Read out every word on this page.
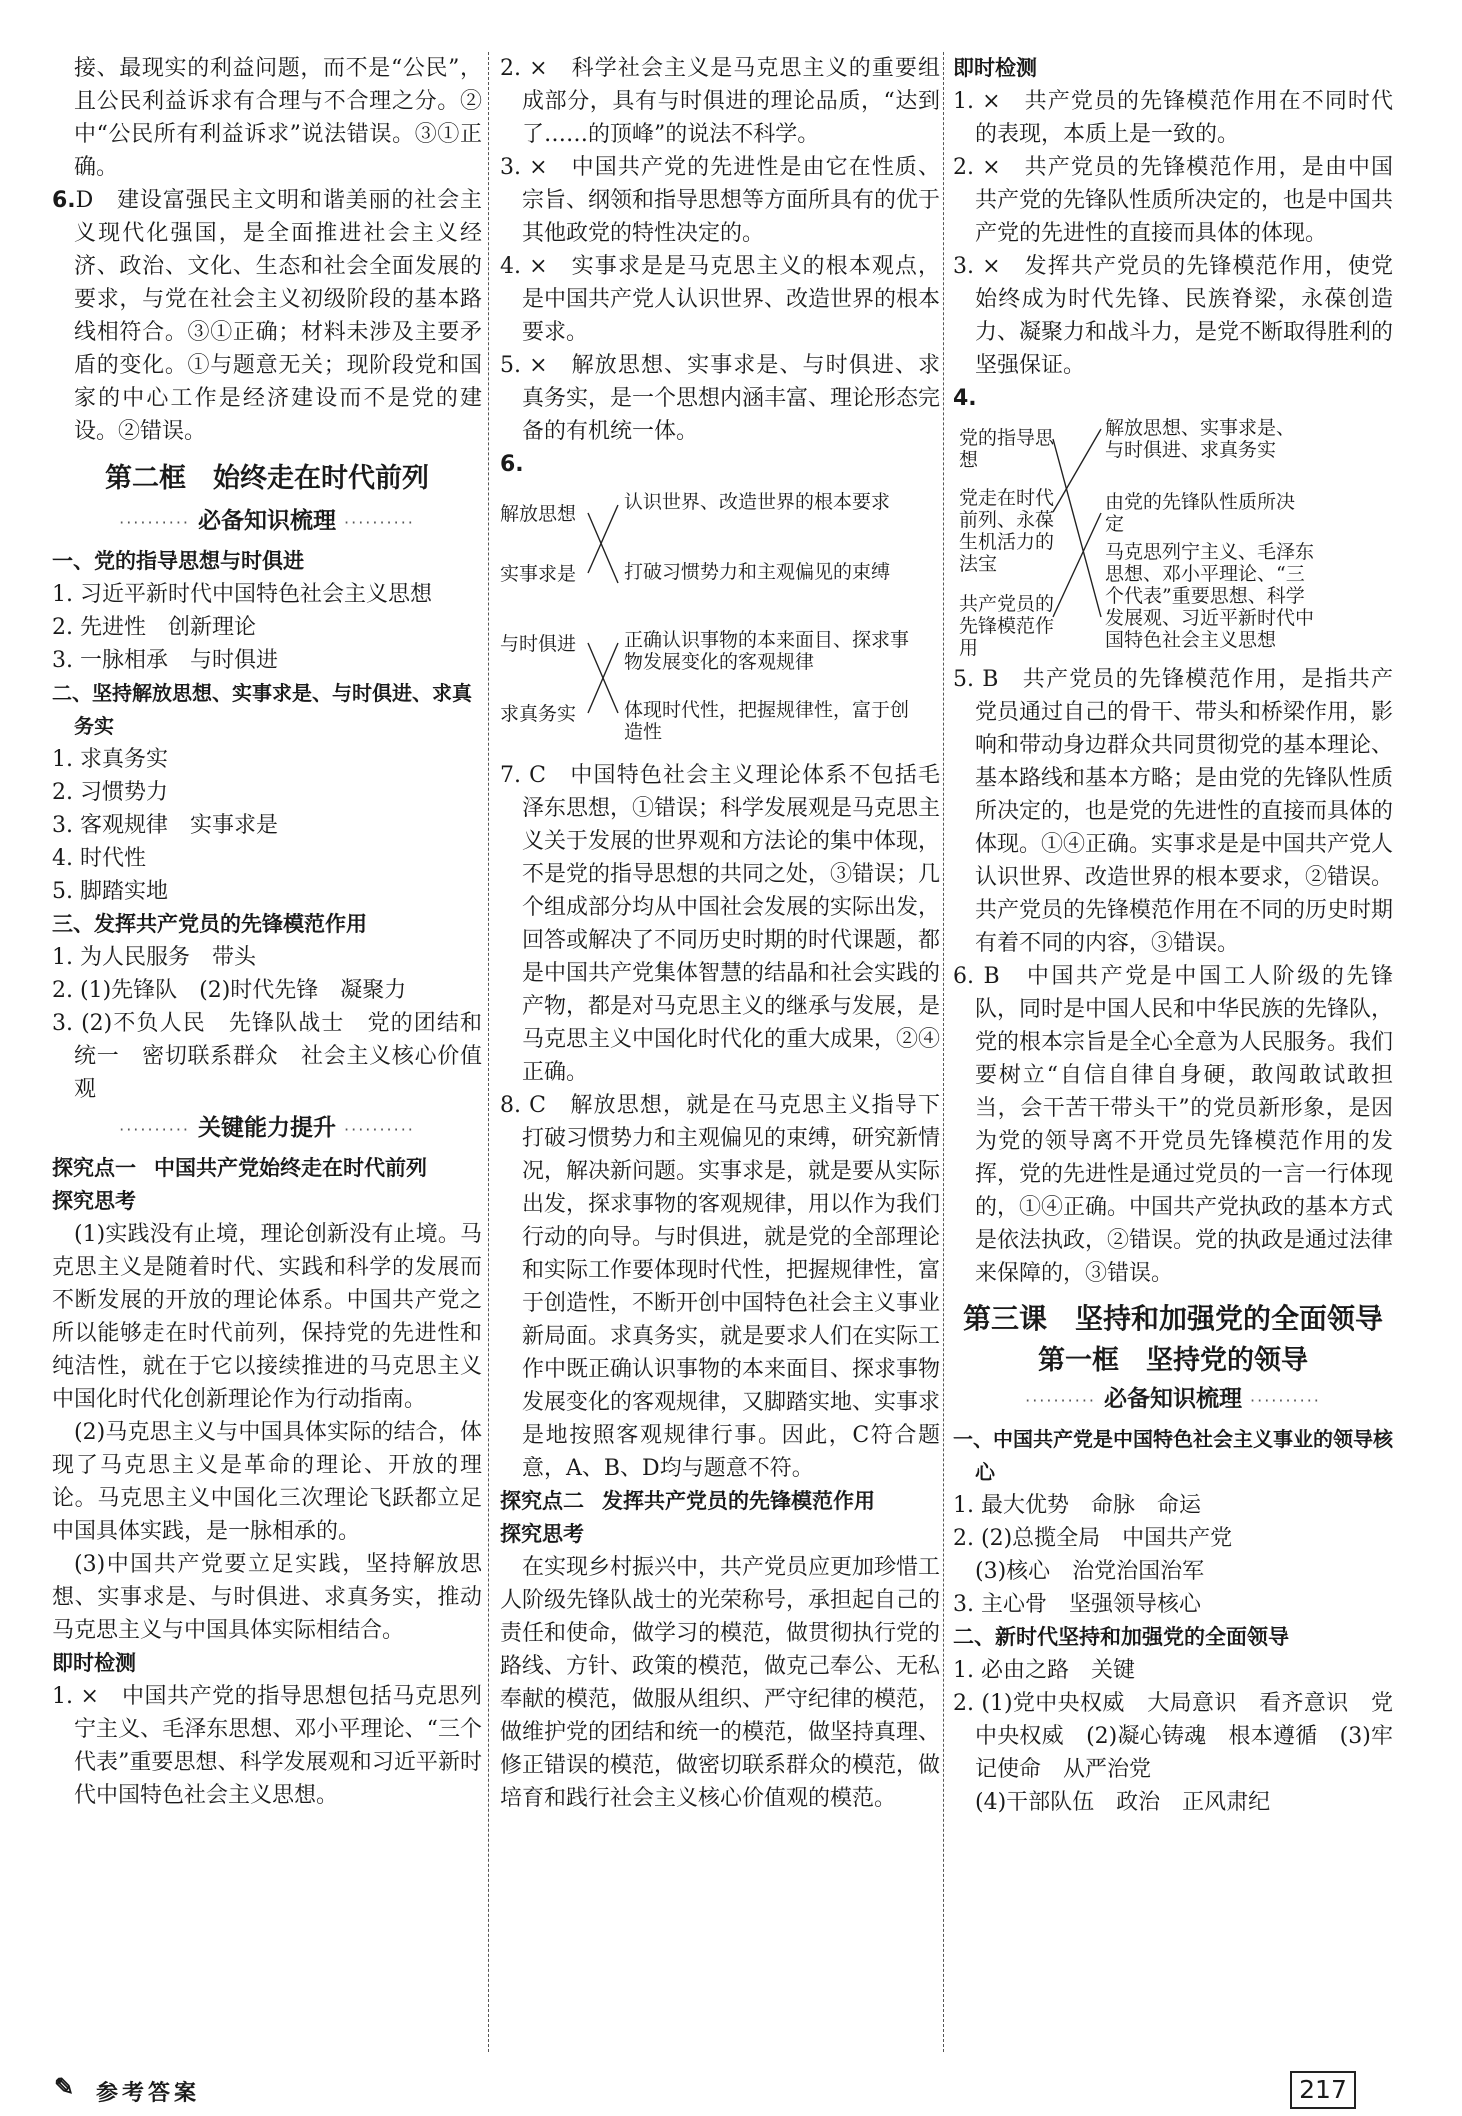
接、最现实的利益问题，而不是“公民”，且公民利益诉求有合理与不合理之分。②中“公民所有利益诉求”说法错误。③①正确。

6.D　建设富强民主文明和谐美丽的社会主义现代化强国，是全面推进社会主义经济、政治、文化、生态和社会全面发展的要求，与党在社会主义初级阶段的基本路线相符合。③①正确；材料未涉及主要矛盾的变化。①与题意无关；现阶段党和国家的中心工作是经济建设而不是党的建设。②错误。

第二框　始终走在时代前列
·········· 必备知识梳理 ··········
一、党的指导思想与时俱进

1. 习近平新时代中国特色社会主义思想

2. 先进性　创新理论

3. 一脉相承　与时俱进

二、坚持解放思想、实事求是、与时俱进、求真务实

1. 求真务实

2. 习惯势力

3. 客观规律　实事求是

4. 时代性

5. 脚踏实地

三、发挥共产党员的先锋模范作用

1. 为人民服务　带头

2. (1)先锋队　(2)时代先锋　凝聚力

3. (2)不负人民　先锋队战士　党的团结和统一　密切联系群众　社会主义核心价值观

·········· 关键能力提升 ··········
探究点一 中国共产党始终走在时代前列
探究思考

(1)实践没有止境，理论创新没有止境。马克思主义是随着时代、实践和科学的发展而不断发展的开放的理论体系。中国共产党之所以能够走在时代前列，保持党的先进性和纯洁性，就在于它以接续推进的马克思主义中国化时代化创新理论作为行动指南。

(2)马克思主义与中国具体实际的结合，体现了马克思主义是革命的理论、开放的理论。马克思主义中国化三次理论飞跃都立足中国具体实践，是一脉相承的。

(3)中国共产党要立足实践，坚持解放思想、实事求是、与时俱进、求真务实，推动马克思主义与中国具体实际相结合。

即时检测

1. ×　中国共产党的指导思想包括马克思列宁主义、毛泽东思想、邓小平理论、“三个代表”重要思想、科学发展观和习近平新时代中国特色社会主义思想。

2. ×　科学社会主义是马克思主义的重要组成部分，具有与时俱进的理论品质，“达到了……的顶峰”的说法不科学。

3. ×　中国共产党的先进性是由它在性质、宗旨、纲领和指导思想等方面所具有的优于其他政党的特性决定的。

4. ×　实事求是是马克思主义的根本观点，是中国共产党人认识世界、改造世界的根本要求。

5. ×　解放思想、实事求是、与时俱进、求真务实，是一个思想内涵丰富、理论形态完备的有机统一体。

6.

解放思想
实事求是
与时俱进
求真务实
认识世界、改造世界的根本要求
打破习惯势力和主观偏见的束缚
正确认识事物的本来面目、探求事物发展变化的客观规律
体现时代性，把握规律性，富于创造性

7. C　中国特色社会主义理论体系不包括毛泽东思想，①错误；科学发展观是马克思主义关于发展的世界观和方法论的集中体现，不是党的指导思想的共同之处，③错误；几个组成部分均从中国社会发展的实际出发，回答或解决了不同历史时期的时代课题，都是中国共产党集体智慧的结晶和社会实践的产物，都是对马克思主义的继承与发展，是马克思主义中国化时代化的重大成果，②④正确。

8. C　解放思想，就是在马克思主义指导下打破习惯势力和主观偏见的束缚，研究新情况，解决新问题。实事求是，就是要从实际出发，探求事物的客观规律，用以作为我们行动的向导。与时俱进，就是党的全部理论和实际工作要体现时代性，把握规律性，富于创造性，不断开创中国特色社会主义事业新局面。求真务实，就是要求人们在实际工作中既正确认识事物的本来面目、探求事物发展变化的客观规律，又脚踏实地、实事求是地按照客观规律行事。因此，C符合题意，A、B、D均与题意不符。

探究点二 发挥共产党员的先锋模范作用
探究思考

在实现乡村振兴中，共产党员应更加珍惜工人阶级先锋队战士的光荣称号，承担起自己的责任和使命，做学习的模范，做贯彻执行党的路线、方针、政策的模范，做克己奉公、无私奉献的模范，做服从组织、严守纪律的模范，做维护党的团结和统一的模范，做坚持真理、修正错误的模范，做密切联系群众的模范，做培育和践行社会主义核心价值观的模范。

即时检测

1. ×　共产党员的先锋模范作用在不同时代的表现，本质上是一致的。

2. ×　共产党员的先锋模范作用，是由中国共产党的先锋队性质所决定的，也是中国共产党的先进性的直接而具体的体现。

3. ×　发挥共产党员的先锋模范作用，使党始终成为时代先锋、民族脊梁，永葆创造力、凝聚力和战斗力，是党不断取得胜利的坚强保证。

4.

党的指导思想
党走在时代前列、永葆生机活力的法宝
共产党员的先锋模范作用
解放思想、实事求是、与时俱进、求真务实
由党的先锋队性质所决定
马克思列宁主义、毛泽东思想、邓小平理论、“三个代表”重要思想、科学发展观、习近平新时代中国特色社会主义思想

5. B　共产党员的先锋模范作用，是指共产党员通过自己的骨干、带头和桥梁作用，影响和带动身边群众共同贯彻党的基本理论、基本路线和基本方略；是由党的先锋队性质所决定的，也是党的先进性的直接而具体的体现。①④正确。实事求是是中国共产党人认识世界、改造世界的根本要求，②错误。共产党员的先锋模范作用在不同的历史时期有着不同的内容，③错误。

6. B　中国共产党是中国工人阶级的先锋队，同时是中国人民和中华民族的先锋队，党的根本宗旨是全心全意为人民服务。我们要树立“自信自律自身硬，敢闯敢试敢担当，会干苦干带头干”的党员新形象，是因为党的领导离不开党员先锋模范作用的发挥，党的先进性是通过党员的一言一行体现的，①④正确。中国共产党执政的基本方式是依法执政，②错误。党的执政是通过法律来保障的，③错误。

第三课　坚持和加强党的全面领导
第一框　坚持党的领导
·········· 必备知识梳理 ··········
一、中国共产党是中国特色社会主义事业的领导核心

1. 最大优势　命脉　命运

2. (2)总揽全局　中国共产党

(3)核心　治党治国治军

3. 主心骨　坚强领导核心

二、新时代坚持和加强党的全面领导

1. 必由之路　关键

2. (1)党中央权威　大局意识　看齐意识　党中央权威　(2)凝心铸魂　根本遵循　(3)牢记使命　从严治党

(4)干部队伍　政治　正风肃纪

✎ 参考答案	217
